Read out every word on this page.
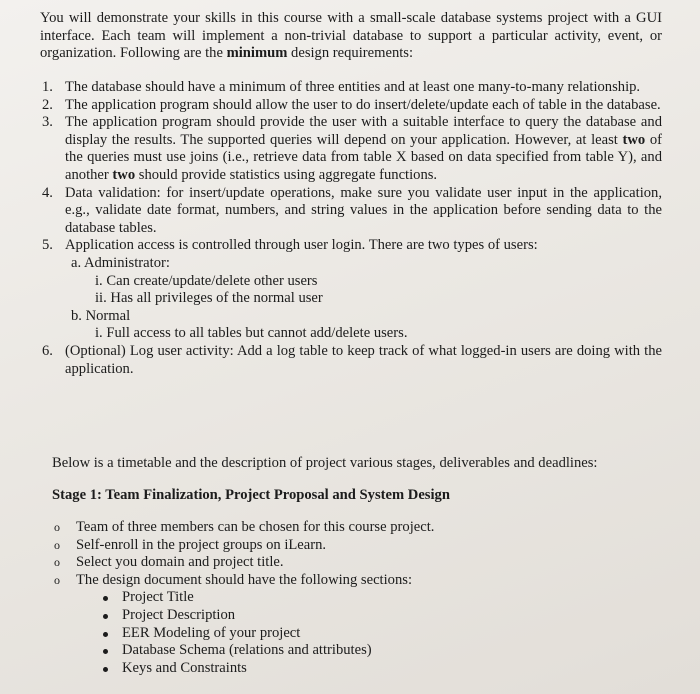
You will demonstrate your skills in this course with a small-scale database systems project with a GUI interface. Each team will implement a non-trivial database to support a particular activity, event, or organization. Following are the minimum design requirements:

1. The database should have a minimum of three entities and at least one many-to-many relationship.
2. The application program should allow the user to do insert/delete/update each of table in the database.
3. The application program should provide the user with a suitable interface to query the database and display the results. The supported queries will depend on your application. However, at least two of the queries must use joins (i.e., retrieve data from table X based on data specified from table Y), and another two should provide statistics using aggregate functions.
4. Data validation: for insert/update operations, make sure you validate user input in the application, e.g., validate date format, numbers, and string values in the application before sending data to the database tables.
5. Application access is controlled through user login. There are two types of users:
a. Administrator:
i. Can create/update/delete other users
ii. Has all privileges of the normal user
b. Normal
i. Full access to all tables but cannot add/delete users.
6. (Optional) Log user activity: Add a log table to keep track of what logged-in users are doing with the application.
Below is a timetable and the description of project various stages, deliverables and deadlines:
Stage 1: Team Finalization, Project Proposal and System Design
o Team of three members can be chosen for this course project.
o Self-enroll in the project groups on iLearn.
o Select you domain and project title.
o The design document should have the following sections:
Project Title
Project Description
EER Modeling of your project
Database Schema (relations and attributes)
Keys and Constraints
